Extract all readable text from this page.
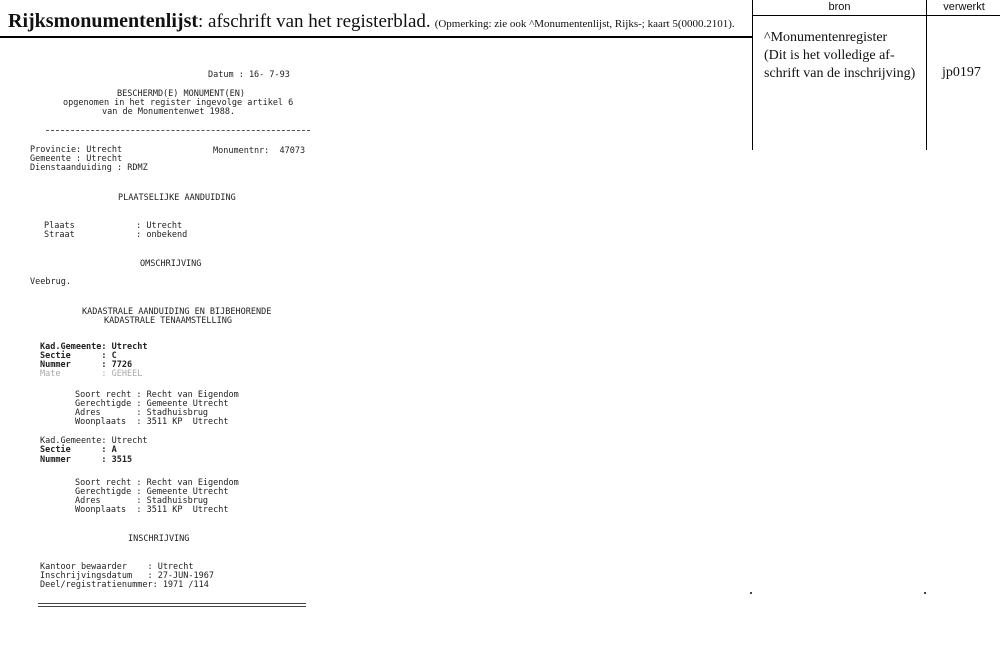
Rijksmonumentenlijst: afschrift van het registerblad. (Opmerking: zie ook ^Monumentenlijst, Rijks-; kaart 5(0000.2101).
bron	verwerkt
^Monumentenregister
(Dit is het volledige af-
schrift van de inschrijving)	jp0197
Datum : 16- 7-93
BESCHERMD(E) MONUMENT(EN)
opgenomen in het register ingevolge artikel 6
van de Monumentenwet 1988.
Provincie: Utrecht	Monumentnr:  47073
Gemeente : Utrecht
Dienstaanduiding : RDMZ
PLAATSELIJKE AANDUIDING
Plaats            : Utrecht
Straat            : onbekend
OMSCHRIJVING
Veebrug.
KADASTRALE AANDUIDING EN BIJBEHORENDE
KADASTRALE TENAAMSTELLING
Kad.Gemeente: Utrecht
Sectie      : C
Nummer      : 7726
Mate        : GEHEEL
Soort recht : Recht van Eigendom
Gerechtigde : Gemeente Utrecht
Adres       : Stadhuisbrug
Woonplaats  : 3511 KP  Utrecht
Kad.Gemeente: Utrecht
Sectie      : A
Nummer      : 3515
Soort recht : Recht van Eigendom
Gerechtigde : Gemeente Utrecht
Adres       : Stadhuisbrug
Woonplaats  : 3511 KP  Utrecht
INSCHRIJVING
Kantoor bewaarder    : Utrecht
Inschrijvingsdatum   : 27-JUN-1967
Deel/registratienummer: 1971 /114
